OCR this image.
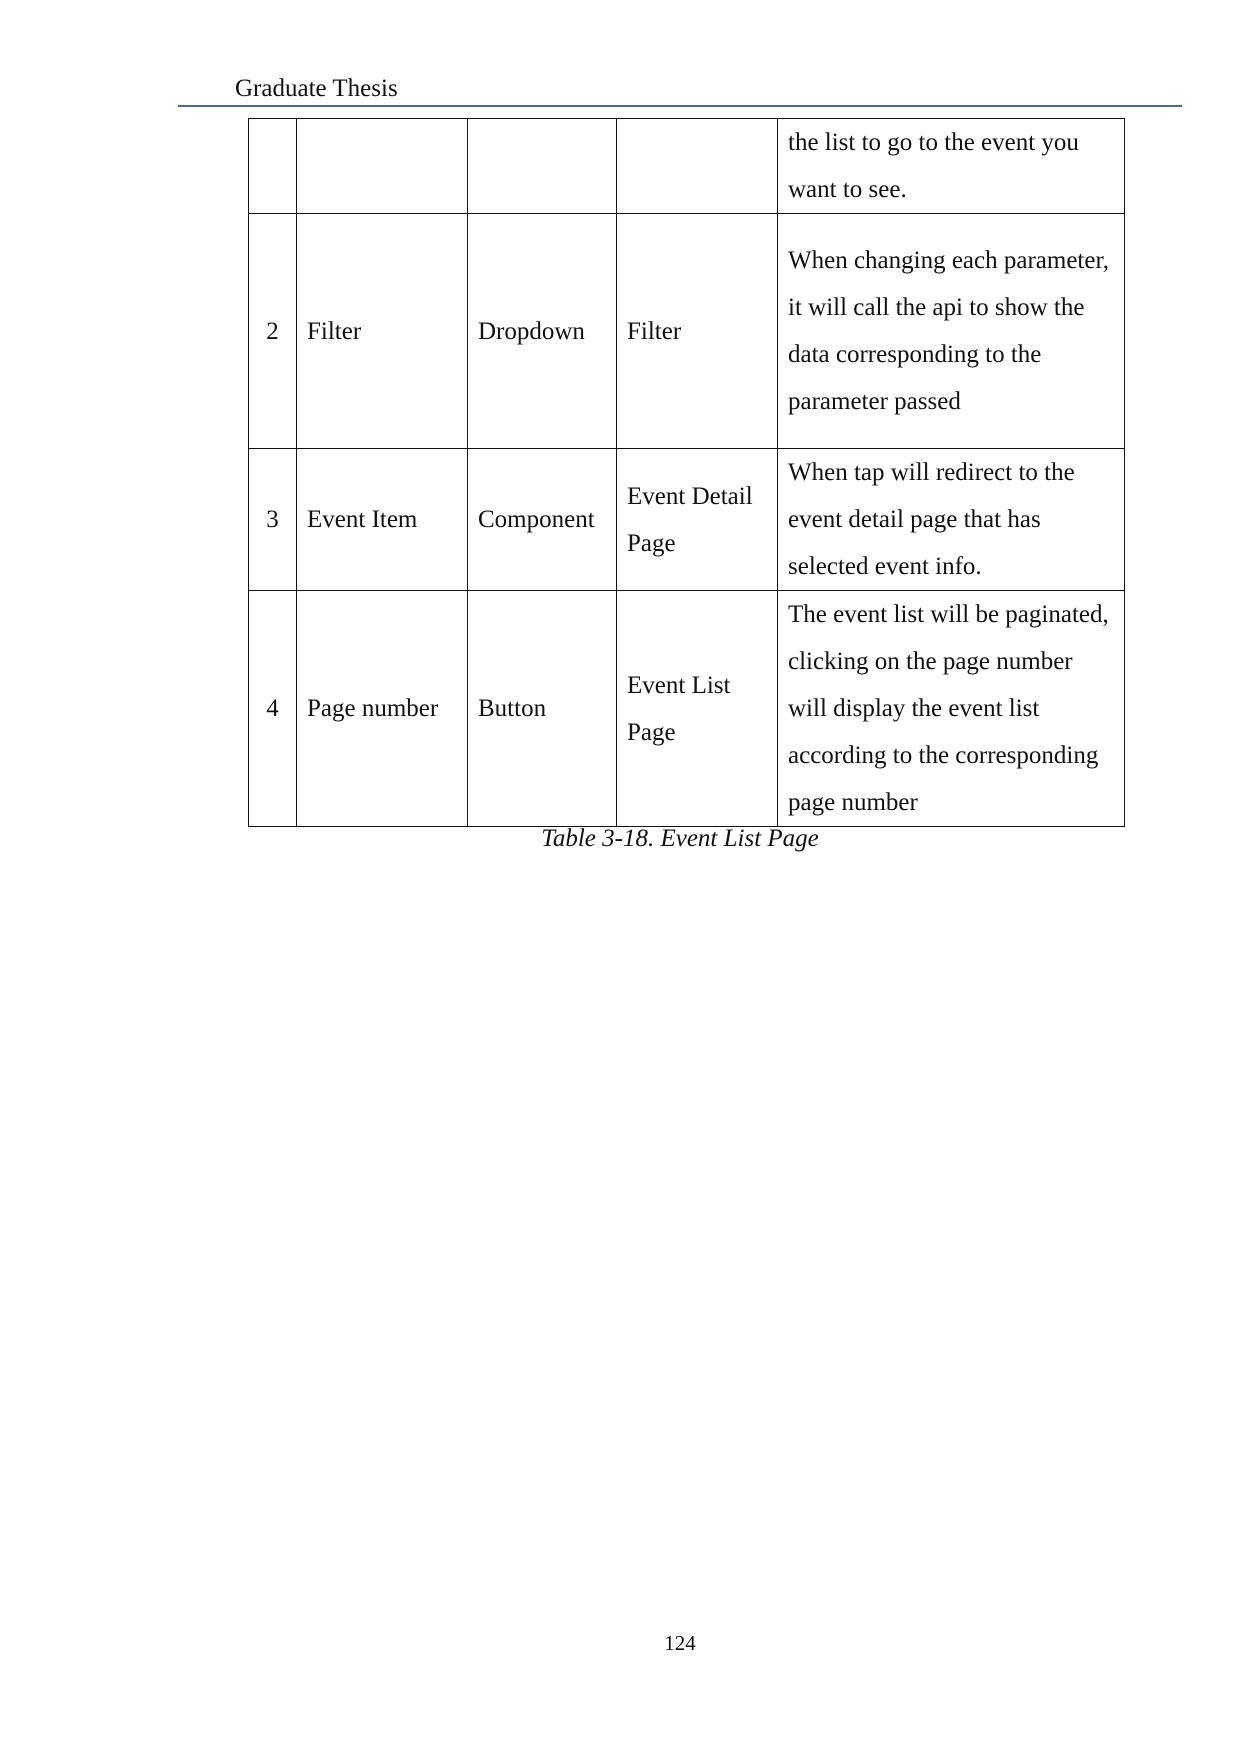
Graduate Thesis
				the list to go to the event you want to see.
2	Filter	Dropdown	Filter	When changing each parameter, it will call the api to show the data corresponding to the parameter passed
3	Event Item	Component	Event Detail Page	When tap will redirect to the event detail page that has selected event info.
4	Page number	Button	Event List Page	The event list will be paginated, clicking on the page number will display the event list according to the corresponding page number
Table 3-18. Event List Page
124
